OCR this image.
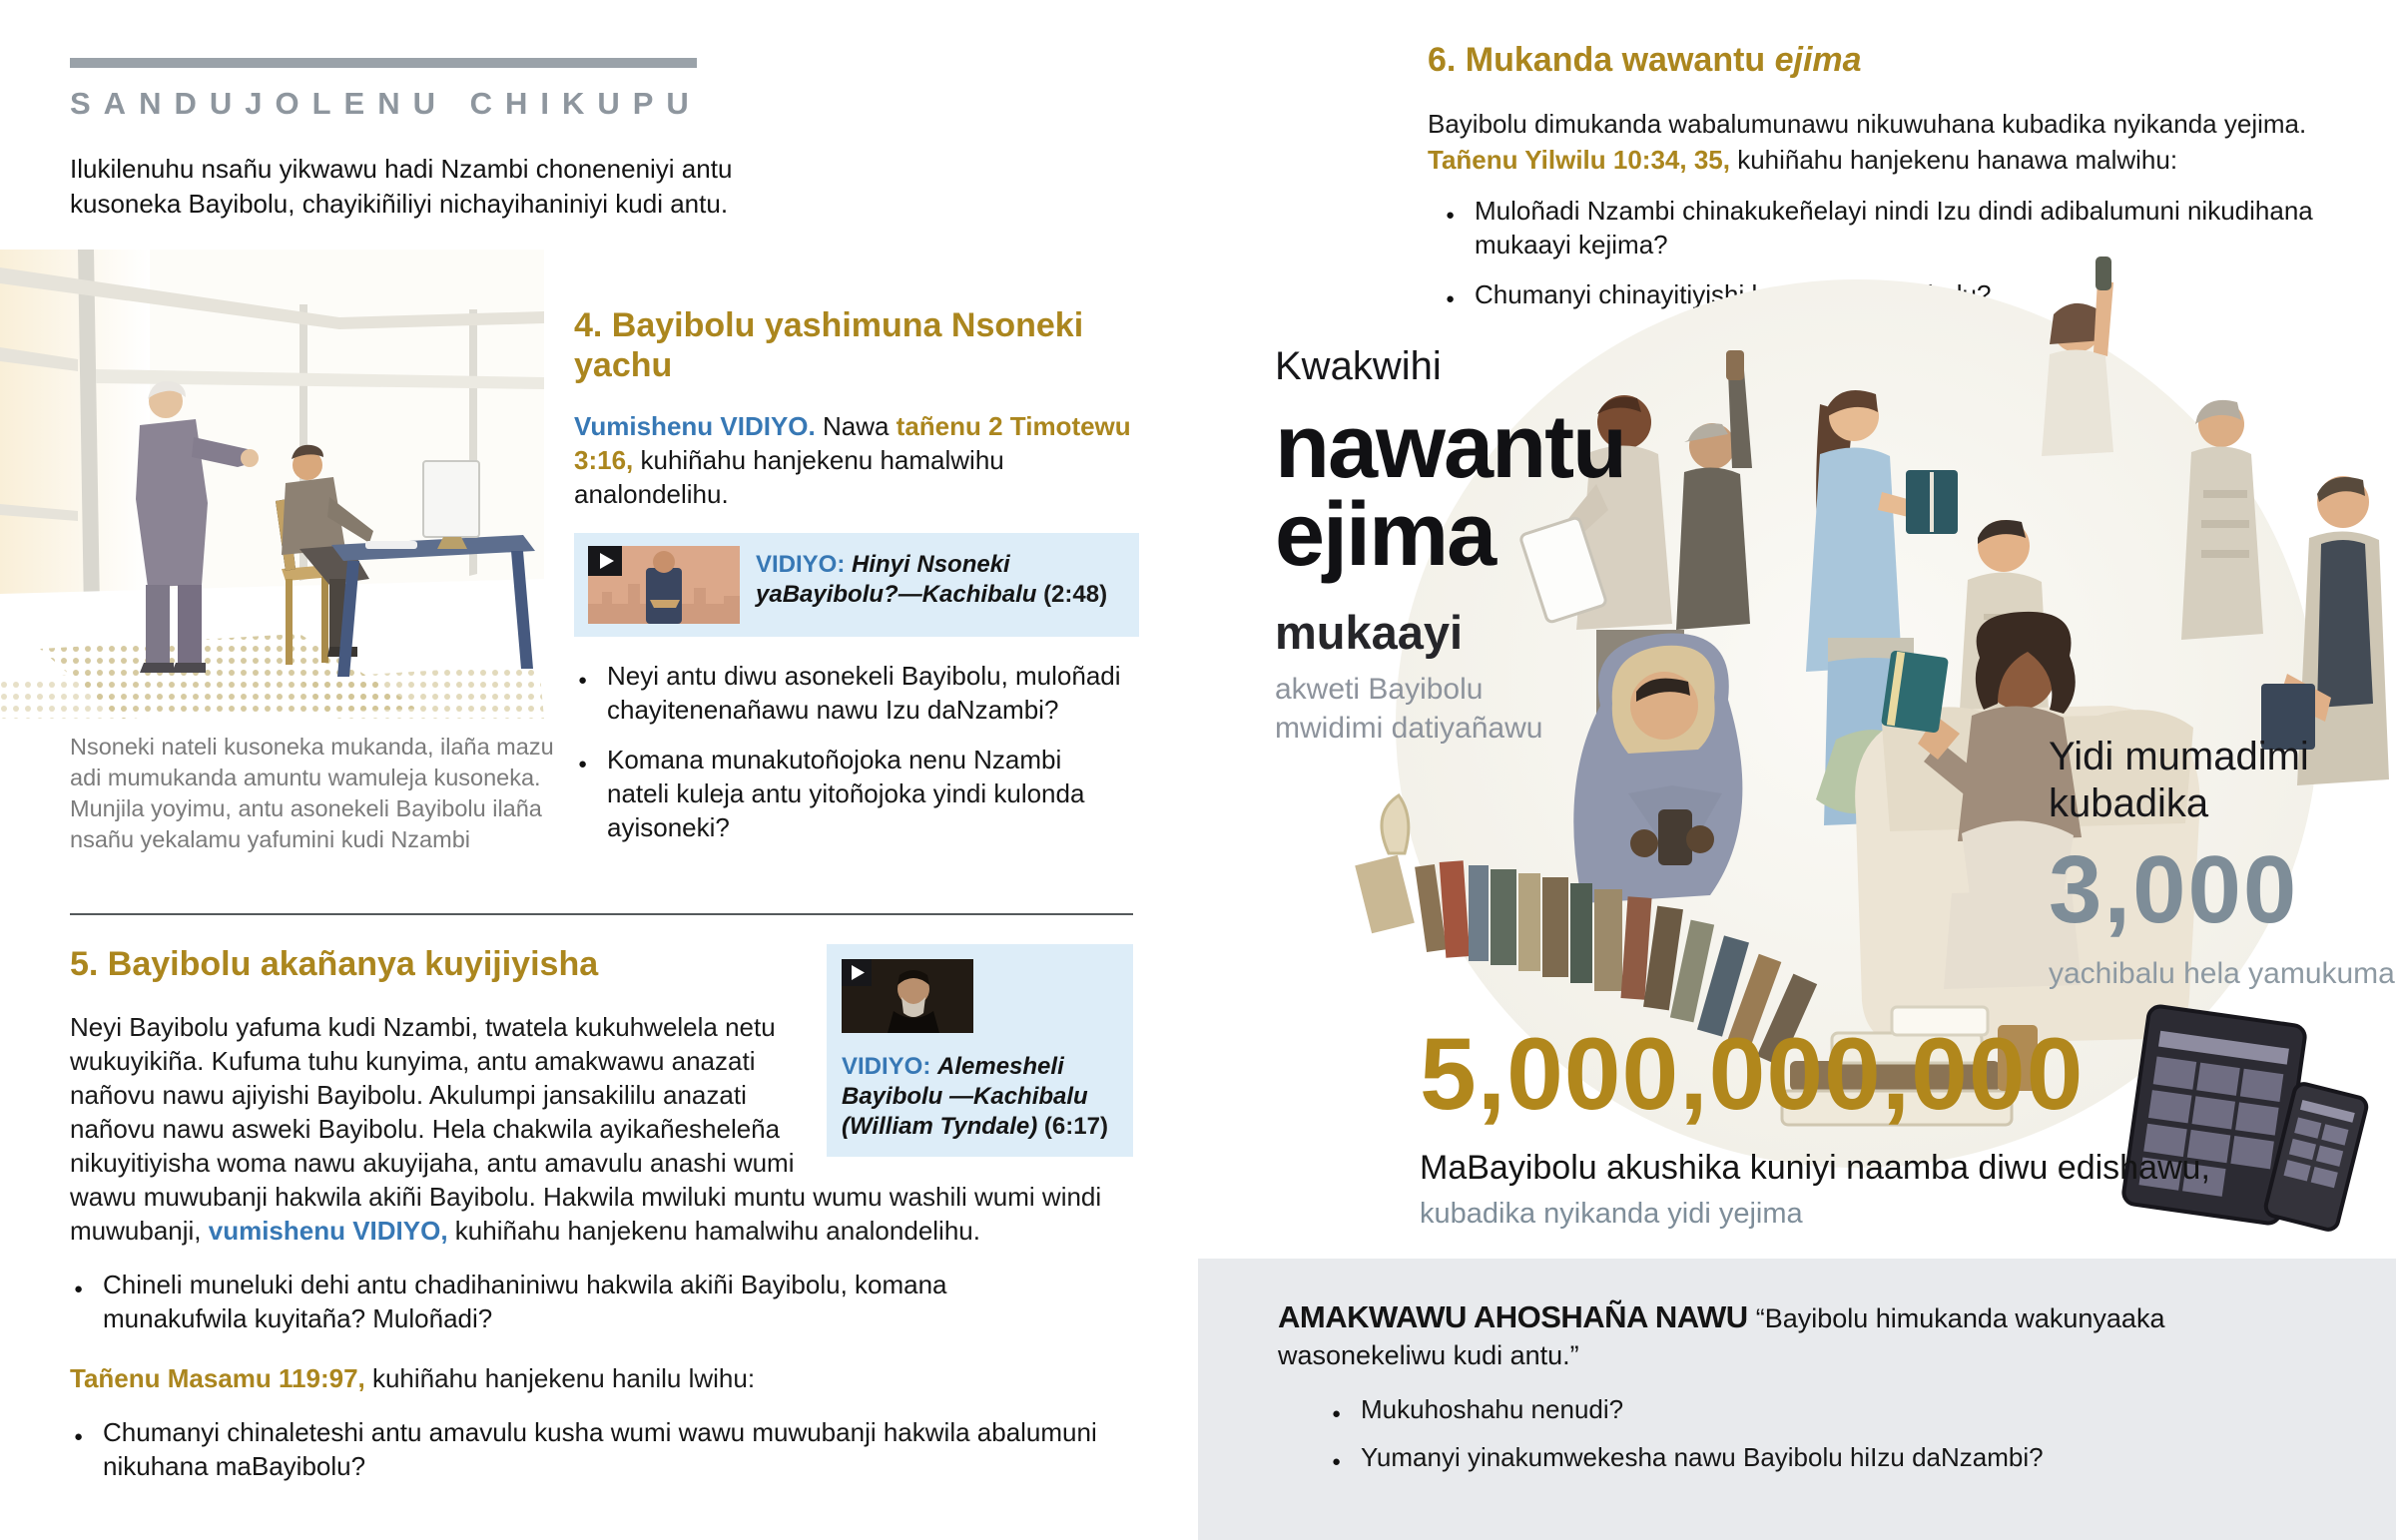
SANDUJOLENU CHIKUPU

Ilukilenuhu nsañu yikwawu hadi Nzambi choneneniyi antu kusoneka Bayibolu, chayikiñiliyi nichayihaniniyi kudi antu.

4. Bayibolu yashimuna Nsoneki yachu

Vumishenu VIDIYO. Nawa tañenu 2 Timotewu 3:16, kuhiñahu hanjekenu hamalwihu analondelihu.

VIDIYO: Hinyi Nsoneki yaBayibolu?—Kachibalu (2:48)

● Neyi antu diwu asonekeli Bayibolu, muloñadi chayitenenañawu nawu Izu daNzambi?
● Komana munakutoñojoka nenu Nzambi nateli kuleja antu yitoñojoka yindi kulonda ayisoneki?

Nsoneki nateli kusoneka mukanda, ilaña mazu adi mumukanda amuntu wamuleja kusoneka. Munjila yoyimu, antu asonekeli Bayibolu ilaña nsañu yekalamu yafumini kudi Nzambi

VIDIYO: Alemesheli Bayibolu —Kachibalu (William Tyndale) (6:17)

5. Bayibolu akañanya kuyijiyisha

Neyi Bayibolu yafuma kudi Nzambi, twatela kukuhwelela netu wukuyikiña. Kufuma tuhu kunyima, antu amakwawu anazati nañovu nawu ajiyishi Bayibolu. Akulumpi jansakililu anazati nañovu nawu asweki Bayibolu. Hela chakwila ayikañesheleña nikuyitiyisha woma nawu akuyijaha, antu amavulu anashi wumi wawu muwubanji hakwila akiñi Bayibolu. Hakwila mwiluki muntu wumu washili wumi windi muwubanji, vumishenu VIDIYO, kuhiñahu hanjekenu hamalwihu analondelihu.

● Chineli muneluki dehi antu chadihaniniwu hakwila akiñi Bayibolu, komana munakufwila kuyitaña? Muloñadi?

Tañenu Masamu 119:97, kuhiñahu hanjekenu hanilu lwihu:

● Chumanyi chinaleteshi antu amavulu kusha wumi wawu muwubanji hakwila abalumuni nikuhana maBayibolu?
6. Mukanda wawantu ejima

Bayibolu dimukanda wabalumunawu nikuwuhana kubadika nyikanda yejima.
Tañenu Yilwilu 10:34, 35, kuhiñahu hanjekenu hanawa malwihu:

● Muloñadi Nzambi chinakukeñelayi nindi Izu dindi adibalumuni nikudihana mukaayi kejima?
● Chumanyi chinayitiyishi kuwaha haBayibolu?

Kwakwihi

nawantu
ejima

mukaayi

akweti Bayibolu
mwidimi datiyañawu

Yidi mumadimi
kubadika

3,000

yachibalu hela yamukuma

5,000,000,000

MaBayibolu akushika kuniyi naamba diwu edishawu,

kubadika nyikanda yidi yejima

AMAKWAWU AHOSHAÑA NAWU “Bayibolu himukanda wakunyaaka wasonekeliwu kudi antu.”

● Mukuhoshahu nenudi?
● Yumanyi yinakumwekesha nawu Bayibolu hiIzu daNzambi?
